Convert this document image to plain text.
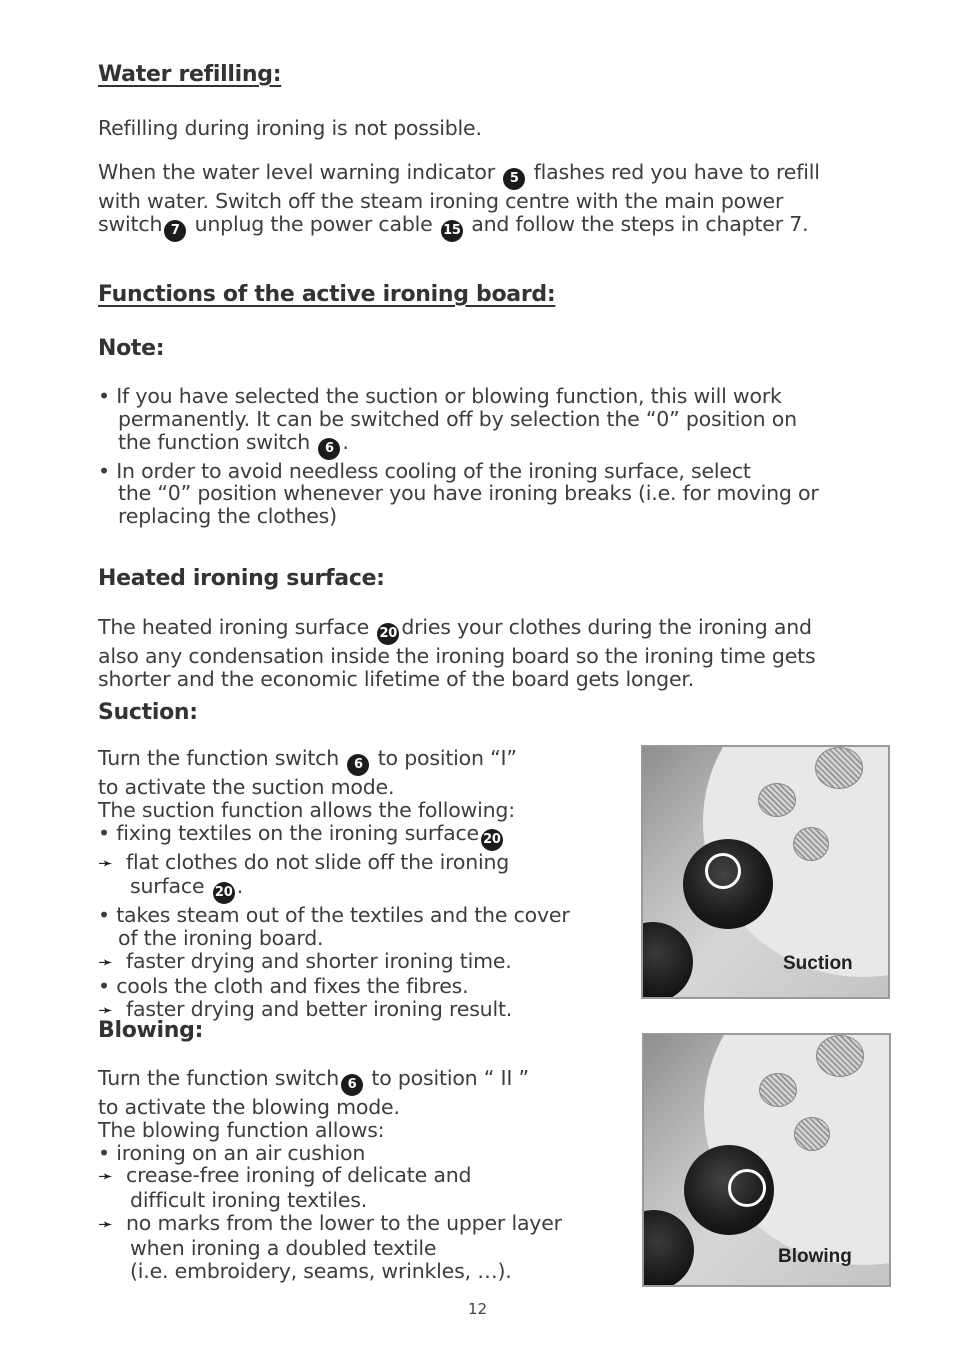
Water refilling:
Refilling during ironing is not possible.
When the water level warning indicator 5 flashes red you have to refill
with water. Switch off the steam ironing centre with the main power
switch 7 unplug the power cable 15 and follow the steps in chapter 7.
Functions of the active ironing board:
Note:
• If you have selected the suction or blowing function, this will work
permanently. It can be switched off by selection the “0” position on
the function switch 6 .
• In order to avoid needless cooling of the ironing surface, select
the “0” position whenever you have ironing breaks (i.e. for moving or
replacing the clothes)
Heated ironing surface:
The heated ironing surface 20 dries your clothes during the ironing and
also any condensation inside the ironing board so the ironing time gets
shorter and the economic lifetime of the board gets longer.
Suction:
Turn the function switch 6 to position “I”
to activate the suction mode.
The suction function allows the following:
• fixing textiles on the ironing surface 20
➛ flat clothes do not slide off the ironing
surface 20 .
• takes steam out of the textiles and the cover
of the ironing board.
➛ faster drying and shorter ironing time.
• cools the cloth and fixes the fibres.
➛ faster drying and better ironing result.
Suction
Blowing:
Turn the function switch 6 to position “ II ”
to activate the blowing mode.
The blowing function allows:
• ironing on an air cushion
➛ crease-free ironing of delicate and
difficult ironing textiles.
➛ no marks from the lower to the upper layer
when ironing a doubled textile
(i.e. embroidery, seams, wrinkles, …).
Blowing
12
